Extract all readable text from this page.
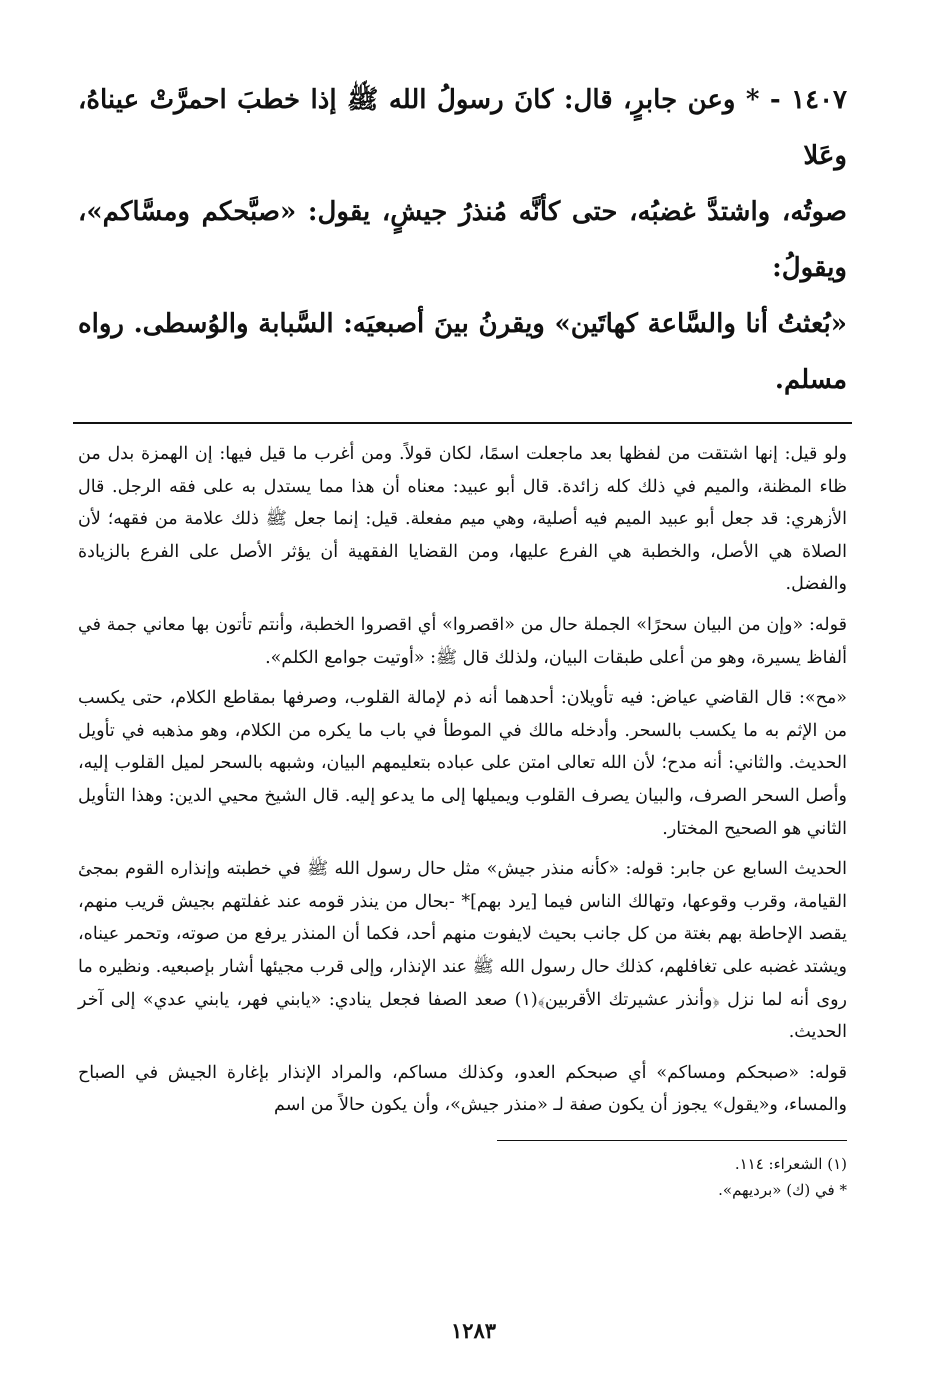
١٤٠٧ - * وعن جابرٍ، قال: كانَ رسولُ الله ﷺ إذا خطبَ احمرَّتْ عيناهُ، وعَلا

صوتُه، واشتدَّ غضبُه، حتى كأنَّه مُنذرُ جيشٍ، يقول: «صبَّحكم ومسَّاكم»، ويقولُ:

«بُعثتُ أنا والسَّاعة كهاتَين» ويقرنُ بينَ أصبعيَه: السَّبابة والوُسطى. رواه مسلم.

ولو قيل: إنها اشتقت من لفظها بعد ماجعلت اسمًا، لكان قولاً. ومن أغرب ما قيل فيها: إن الهمزة بدل من ظاء المظنة، والميم في ذلك كله زائدة. قال أبو عبيد: معناه أن هذا مما يستدل به على فقه الرجل. قال الأزهري: قد جعل أبو عبيد الميم فيه أصلية، وهي ميم مفعلة. قيل: إنما جعل ﷺ ذلك علامة من فقهه؛ لأن الصلاة هي الأصل، والخطبة هي الفرع عليها، ومن القضايا الفقهية أن يؤثر الأصل على الفرع بالزيادة والفضل.

قوله: «وإن من البيان سحرًا» الجملة حال من «اقصروا» أي اقصروا الخطبة، وأنتم تأتون بها معاني جمة في ألفاظ يسيرة، وهو من أعلى طبقات البيان، ولذلك قال ﷺ: «أوتيت جوامع الكلم».

«مح»: قال القاضي عياض: فيه تأويلان: أحدهما أنه ذم لإمالة القلوب، وصرفها بمقاطع الكلام، حتى يكسب من الإثم به ما يكسب بالسحر. وأدخله مالك في الموطأ في باب ما يكره من الكلام، وهو مذهبه في تأويل الحديث. والثاني: أنه مدح؛ لأن الله تعالى امتن على عباده بتعليمهم البيان، وشبهه بالسحر لميل القلوب إليه، وأصل السحر الصرف، والبيان يصرف القلوب ويميلها إلى ما يدعو إليه. قال الشيخ محيي الدين: وهذا التأويل الثاني هو الصحيح المختار.

الحديث السابع عن جابر: قوله: «كأنه منذر جيش» مثل حال رسول الله ﷺ في خطبته وإنذاره القوم بمجئ القيامة، وقرب وقوعها، وتهالك الناس فيما [يرد بهم]* -بحال من ينذر قومه عند غفلتهم بجيش قريب منهم، يقصد الإحاطة بهم بغتة من كل جانب بحيث لايفوت منهم أحد، فكما أن المنذر يرفع من صوته، وتحمر عيناه، ويشتد غضبه على تغافلهم، كذلك حال رسول الله ﷺ عند الإنذار، وإلى قرب مجيئها أشار بإصبعيه. ونظيره ما روى أنه لما نزل ﴿وأنذر عشيرتك الأقربين﴾(١) صعد الصفا فجعل ينادي: «يابني فهر، يابني عدي» إلى آخر الحديث.

قوله: «صبحكم ومساكم» أي صبحكم العدو، وكذلك مساكم، والمراد الإنذار بإغارة الجيش في الصباح والمساء، و«يقول» يجوز أن يكون صفة لـ «منذر جيش»، وأن يكون حالاً من اسم

(١) الشعراء: ١١٤.

* في (ك) «برديهم».

١٢٨٣
